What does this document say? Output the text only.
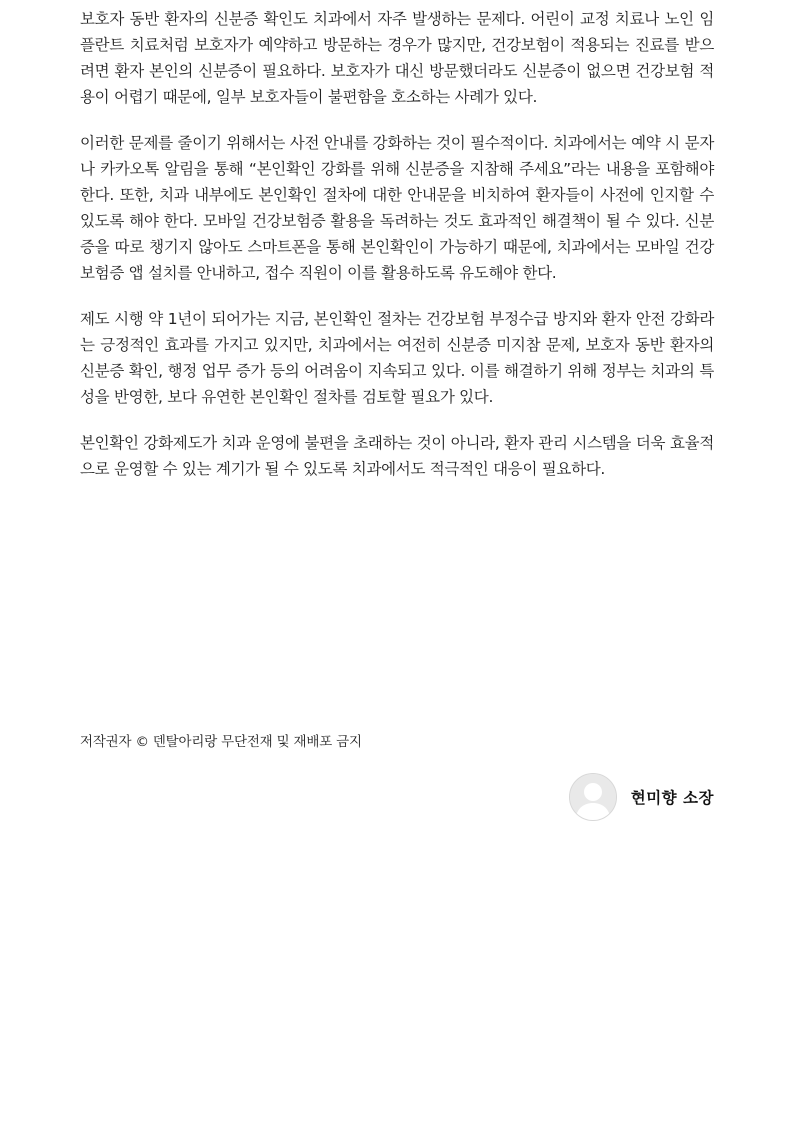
보호자 동반 환자의 신분증 확인도 치과에서 자주 발생하는 문제다. 어린이 교정 치료나 노인 임플란트 치료처럼 보호자가 예약하고 방문하는 경우가 많지만, 건강보험이 적용되는 진료를 받으려면 환자 본인의 신분증이 필요하다. 보호자가 대신 방문했더라도 신분증이 없으면 건강보험 적용이 어렵기 때문에, 일부 보호자들이 불편함을 호소하는 사례가 있다.

이러한 문제를 줄이기 위해서는 사전 안내를 강화하는 것이 필수적이다. 치과에서는 예약 시 문자나 카카오톡 알림을 통해 “본인확인 강화를 위해 신분증을 지참해 주세요”라는 내용을 포함해야 한다. 또한, 치과 내부에도 본인확인 절차에 대한 안내문을 비치하여 환자들이 사전에 인지할 수 있도록 해야 한다. 모바일 건강보험증 활용을 독려하는 것도 효과적인 해결책이 될 수 있다. 신분증을 따로 챙기지 않아도 스마트폰을 통해 본인확인이 가능하기 때문에, 치과에서는 모바일 건강보험증 앱 설치를 안내하고, 접수 직원이 이를 활용하도록 유도해야 한다.

제도 시행 약 1년이 되어가는 지금, 본인확인 절차는 건강보험 부정수급 방지와 환자 안전 강화라는 긍정적인 효과를 가지고 있지만, 치과에서는 여전히 신분증 미지참 문제, 보호자 동반 환자의 신분증 확인, 행정 업무 증가 등의 어려움이 지속되고 있다. 이를 해결하기 위해 정부는 치과의 특성을 반영한, 보다 유연한 본인확인 절차를 검토할 필요가 있다.

본인확인 강화제도가 치과 운영에 불편을 초래하는 것이 아니라, 환자 관리 시스템을 더욱 효율적으로 운영할 수 있는 계기가 될 수 있도록 치과에서도 적극적인 대응이 필요하다.

저작권자 © 덴탈아리랑 무단전재 및 재배포 금지
현미향 소장
